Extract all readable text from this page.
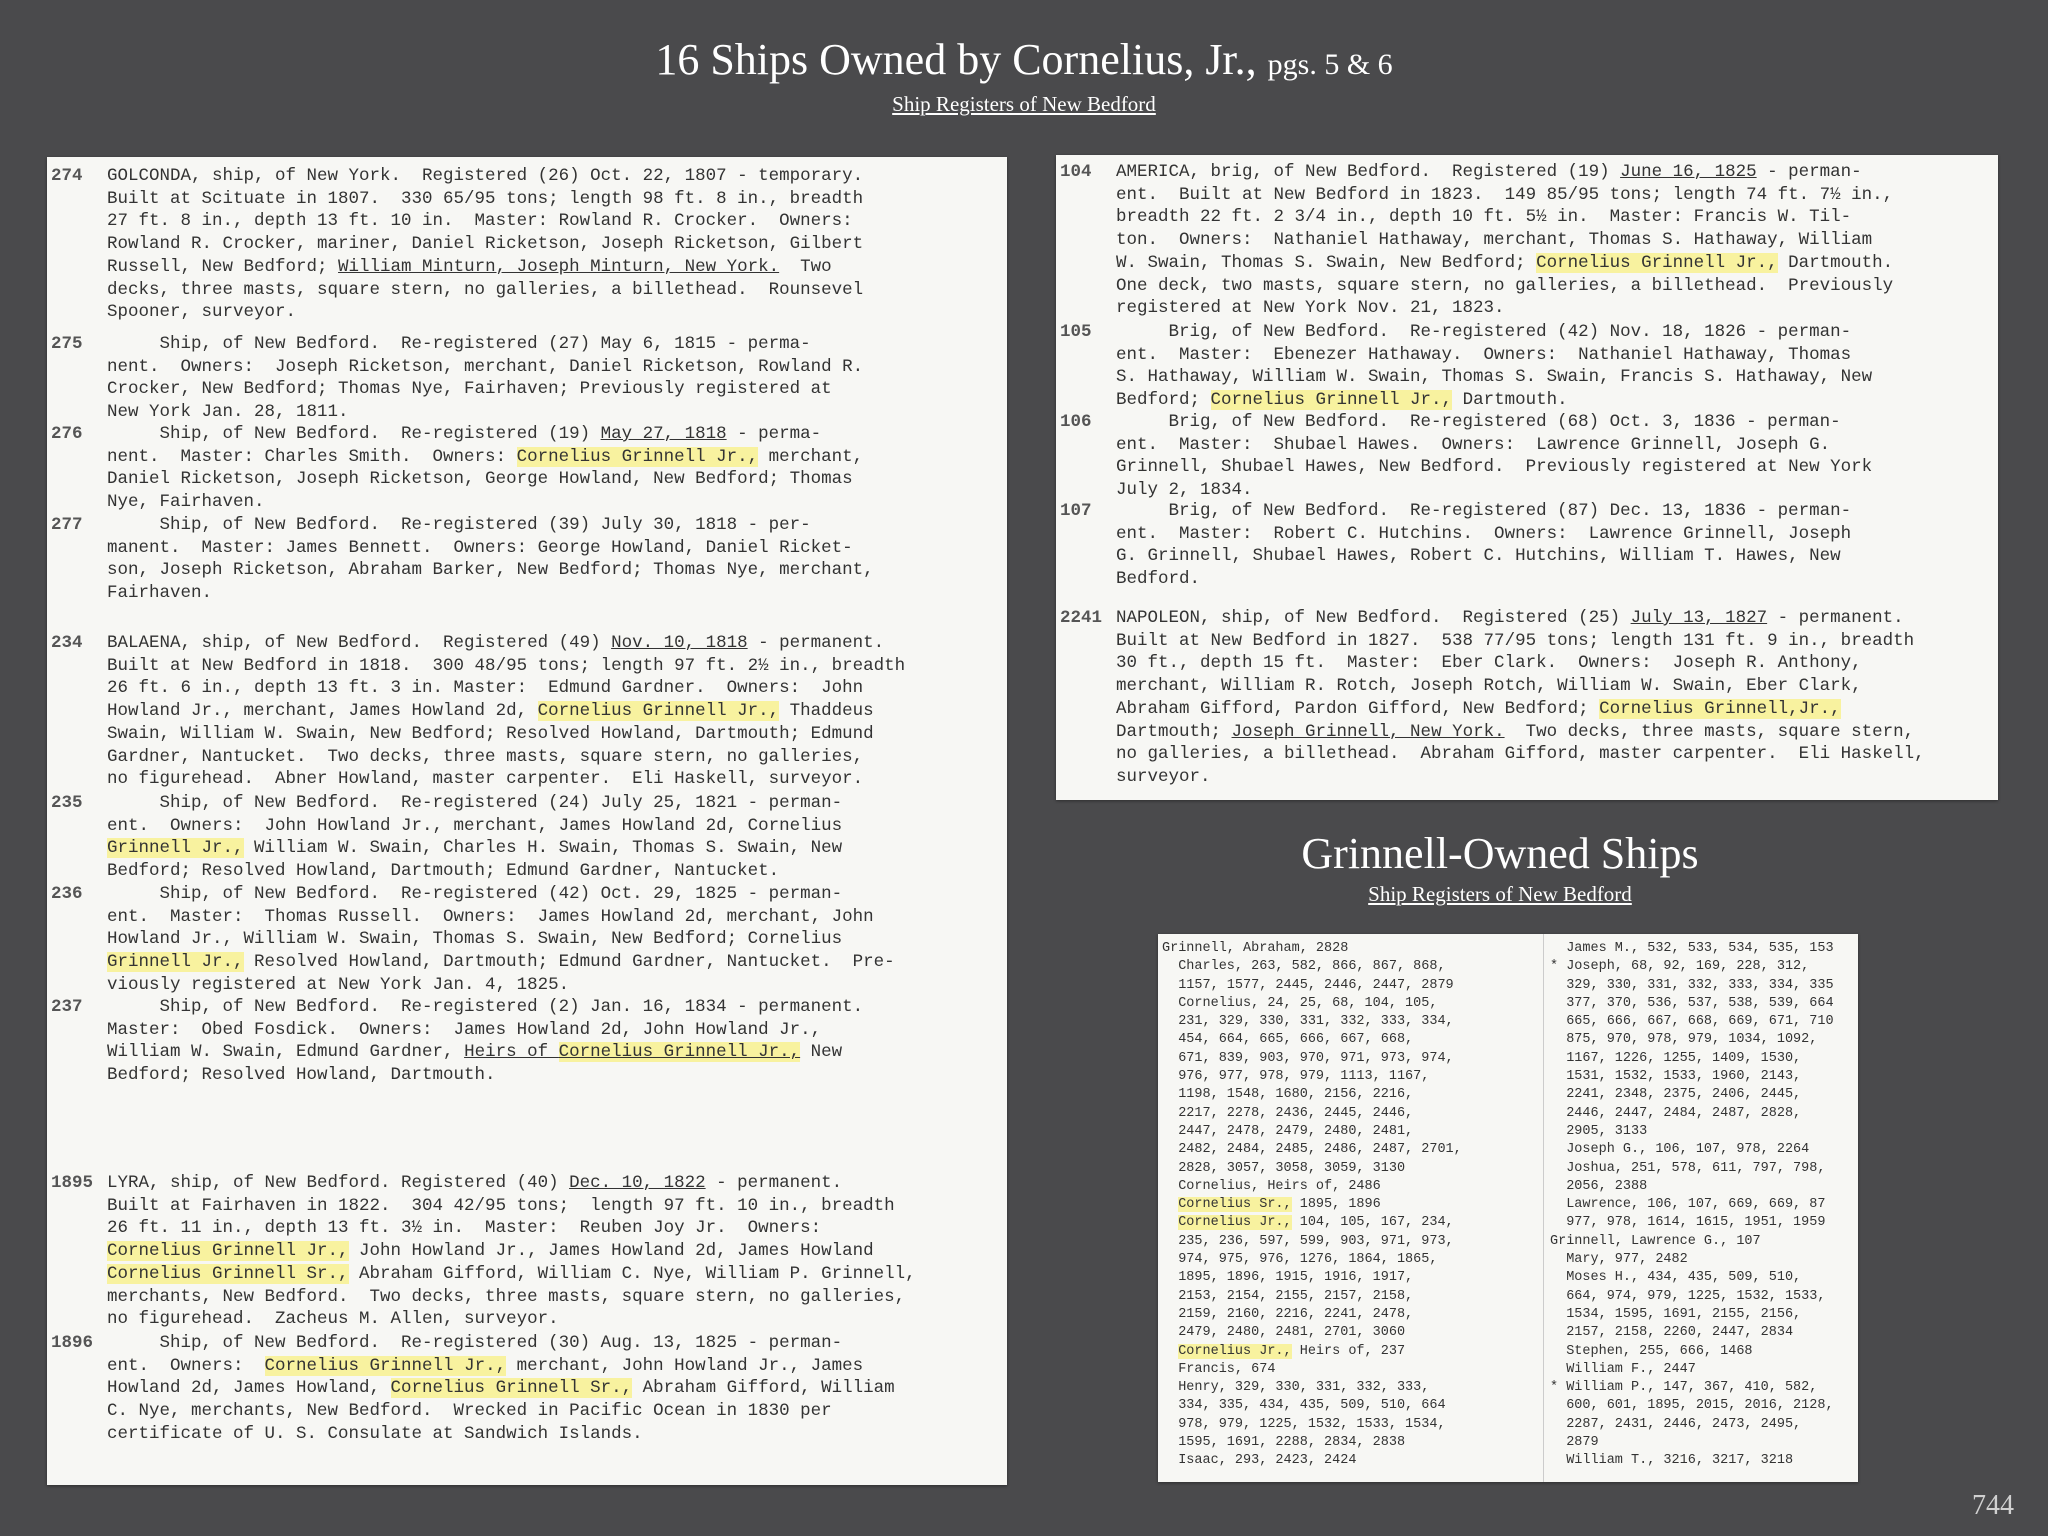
16 Ships Owned by Cornelius, Jr., pgs. 5 & 6
Ship Registers of New Bedford
274 GOLCONDA, ship, of New York.  Registered (26) Oct. 22, 1807 - temporary.
Built at Scituate in 1807.  330 65/95 tons; length 98 ft. 8 in., breadth
27 ft. 8 in., depth 13 ft. 10 in.  Master: Rowland R. Crocker.  Owners:
Rowland R. Crocker, mariner, Daniel Ricketson, Joseph Ricketson, Gilbert
Russell, New Bedford; William Minturn, Joseph Minturn, New York.  Two
decks, three masts, square stern, no galleries, a billethead.  Rounsevel
Spooner, surveyor.
275	Ship, of New Bedford.  Re-registered (27) May 6, 1815 - perma-
nent.  Owners:  Joseph Ricketson, merchant, Daniel Ricketson, Rowland R.
Crocker, New Bedford; Thomas Nye, Fairhaven; Previously registered at
New York Jan. 28, 1811.
276 Ship, of New Bedford.  Re-registered (19) May 27, 1818 - perma-
nent.  Master: Charles Smith.  Owners: Cornelius Grinnell Jr., merchant,
Daniel Ricketson, Joseph Ricketson, George Howland, New Bedford; Thomas
Nye, Fairhaven.
277	Ship, of New Bedford.  Re-registered (39) July 30, 1818 - per-
manent.  Master: James Bennett.  Owners: George Howland, Daniel Ricket-
son, Joseph Ricketson, Abraham Barker, New Bedford; Thomas Nye, merchant,
Fairhaven.
234 BALAENA, ship, of New Bedford.  Registered (49) Nov. 10, 1818 - permanent.
Built at New Bedford in 1818.  300 48/95 tons; length 97 ft. 2½ in., breadth
26 ft. 6 in., depth 13 ft. 3 in. Master:  Edmund Gardner.  Owners:  John
Howland Jr., merchant, James Howland 2d, Cornelius Grinnell Jr., Thaddeus
Swain, William W. Swain, New Bedford; Resolved Howland, Dartmouth; Edmund
Gardner, Nantucket.  Two decks, three masts, square stern, no galleries,
no figurehead.  Abner Howland, master carpenter.  Eli Haskell, surveyor.
235	Ship, of New Bedford.  Re-registered (24) July 25, 1821 - perman-
ent.  Owners:  John Howland Jr., merchant, James Howland 2d, Cornelius
Grinnell Jr., William W. Swain, Charles H. Swain, Thomas S. Swain, New
Bedford; Resolved Howland, Dartmouth; Edmund Gardner, Nantucket.
236	Ship, of New Bedford.  Re-registered (42) Oct. 29, 1825 - perman-
ent.  Master:  Thomas Russell.  Owners:  James Howland 2d, merchant, John
Howland Jr., William W. Swain, Thomas S. Swain, New Bedford; Cornelius
Grinnell Jr., Resolved Howland, Dartmouth; Edmund Gardner, Nantucket.  Pre-
viously registered at New York Jan. 4, 1825.
237	Ship, of New Bedford.  Re-registered (2) Jan. 16, 1834 - permanent.
Master:  Obed Fosdick.  Owners:  James Howland 2d, John Howland Jr.,
William W. Swain, Edmund Gardner, Heirs of Cornelius Grinnell Jr., New
Bedford; Resolved Howland, Dartmouth.
1895 LYRA, ship, of New Bedford. Registered (40) Dec. 10, 1822 - permanent.
Built at Fairhaven in 1822.  304 42/95 tons;  length 97 ft. 10 in., breadth
26 ft. 11 in., depth 13 ft. 3½ in.  Master:  Reuben Joy Jr.  Owners:
Cornelius Grinnell Jr., John Howland Jr., James Howland 2d, James Howland
Cornelius Grinnell Sr., Abraham Gifford, William C. Nye, William P. Grinnell,
merchants, New Bedford.  Two decks, three masts, square stern, no galleries,
no figurehead.  Zacheus M. Allen, surveyor.
1896	Ship, of New Bedford.  Re-registered (30) Aug. 13, 1825 - perman-
ent.  Owners:  Cornelius Grinnell Jr., merchant, John Howland Jr., James
Howland 2d, James Howland, Cornelius Grinnell Sr., Abraham Gifford, William
C. Nye, merchants, New Bedford.  Wrecked in Pacific Ocean in 1830 per
certificate of U. S. Consulate at Sandwich Islands.
104 AMERICA, brig, of New Bedford.  Registered (19) June 16, 1825 - perman-
ent.  Built at New Bedford in 1823.  149 85/95 tons; length 74 ft. 7½ in.,
breadth 22 ft. 2 3/4 in., depth 10 ft. 5½ in.  Master: Francis W. Til-
ton.  Owners:  Nathaniel Hathaway, merchant, Thomas S. Hathaway, William
W. Swain, Thomas S. Swain, New Bedford; Cornelius Grinnell Jr., Dartmouth.
One deck, two masts, square stern, no galleries, a billethead.  Previously
registered at New York Nov. 21, 1823.
105	Brig, of New Bedford.  Re-registered (42) Nov. 18, 1826 - perman-
ent.  Master:  Ebenezer Hathaway.  Owners:  Nathaniel Hathaway, Thomas
S. Hathaway, William W. Swain, Thomas S. Swain, Francis S. Hathaway, New
Bedford; Cornelius Grinnell Jr., Dartmouth.
106	Brig, of New Bedford.  Re-registered (68) Oct. 3, 1836 - perman-
ent.  Master:  Shubael Hawes.  Owners:  Lawrence Grinnell, Joseph G.
Grinnell, Shubael Hawes, New Bedford.  Previously registered at New York
July 2, 1834.
107	Brig, of New Bedford.  Re-registered (87) Dec. 13, 1836 - perman-
ent.  Master:  Robert C. Hutchins.  Owners:  Lawrence Grinnell, Joseph
G. Grinnell, Shubael Hawes, Robert C. Hutchins, William T. Hawes, New
Bedford.
2241 NAPOLEON, ship, of New Bedford.  Registered (25) July 13, 1827 - permanent.
Built at New Bedford in 1827.  538 77/95 tons; length 131 ft. 9 in., breadth
30 ft., depth 15 ft.  Master:  Eber Clark.  Owners:  Joseph R. Anthony,
merchant, William R. Rotch, Joseph Rotch, William W. Swain, Eber Clark,
Abraham Gifford, Pardon Gifford, New Bedford; Cornelius Grinnell,Jr.,
Dartmouth; Joseph Grinnell, New York.  Two decks, three masts, square stern,
no galleries, a billethead.  Abraham Gifford, master carpenter.  Eli Haskell,
surveyor.
Grinnell-Owned Ships
Ship Registers of New Bedford

Grinnell, Abraham, 2828
Charles, 263, 582, 866, 867, 868,
1157, 1577, 2445, 2446, 2447, 2879
Cornelius, 24, 25, 68, 104, 105,
231, 329, 330, 331, 332, 333, 334,
454, 664, 665, 666, 667, 668,
671, 839, 903, 970, 971, 973, 974,
976, 977, 978, 979, 1113, 1167,
1198, 1548, 1680, 2156, 2216,
2217, 2278, 2436, 2445, 2446,
2447, 2478, 2479, 2480, 2481,
2482, 2484, 2485, 2486, 2487, 2701,
2828, 3057, 3058, 3059, 3130
Cornelius, Heirs of, 2486
Cornelius Sr., 1895, 1896
Cornelius Jr., 104, 105, 167, 234,
235, 236, 597, 599, 903, 971, 973,
974, 975, 976, 1276, 1864, 1865,
1895, 1896, 1915, 1916, 1917,
2153, 2154, 2155, 2157, 2158,
2159, 2160, 2216, 2241, 2478,
2479, 2480, 2481, 2701, 3060
Cornelius Jr., Heirs of, 237
Francis, 674
Henry, 329, 330, 331, 332, 333,
334, 335, 434, 435, 509, 510, 664
978, 979, 1225, 1532, 1533, 1534,
1595, 1691, 2288, 2834, 2838
Isaac, 293, 2423, 2424

James M., 532, 533, 534, 535, 153
* Joseph, 68, 92, 169, 228, 312,
329, 330, 331, 332, 333, 334, 335
377, 370, 536, 537, 538, 539, 664
665, 666, 667, 668, 669, 671, 710
875, 970, 978, 979, 1034, 1092,
1167, 1226, 1255, 1409, 1530,
1531, 1532, 1533, 1960, 2143,
2241, 2348, 2375, 2406, 2445,
2446, 2447, 2484, 2487, 2828,
2905, 3133
Joseph G., 106, 107, 978, 2264
Joshua, 251, 578, 611, 797, 798,
2056, 2388
Lawrence, 106, 107, 669, 669, 87
977, 978, 1614, 1615, 1951, 1959
Grinnell, Lawrence G., 107
Mary, 977, 2482
Moses H., 434, 435, 509, 510,
664, 974, 979, 1225, 1532, 1533,
1534, 1595, 1691, 2155, 2156,
2157, 2158, 2260, 2447, 2834
Stephen, 255, 666, 1468
William F., 2447
* William P., 147, 367, 410, 582,
600, 601, 1895, 2015, 2016, 2128,
2287, 2431, 2446, 2473, 2495,
2879
William T., 3216, 3217, 3218

744
